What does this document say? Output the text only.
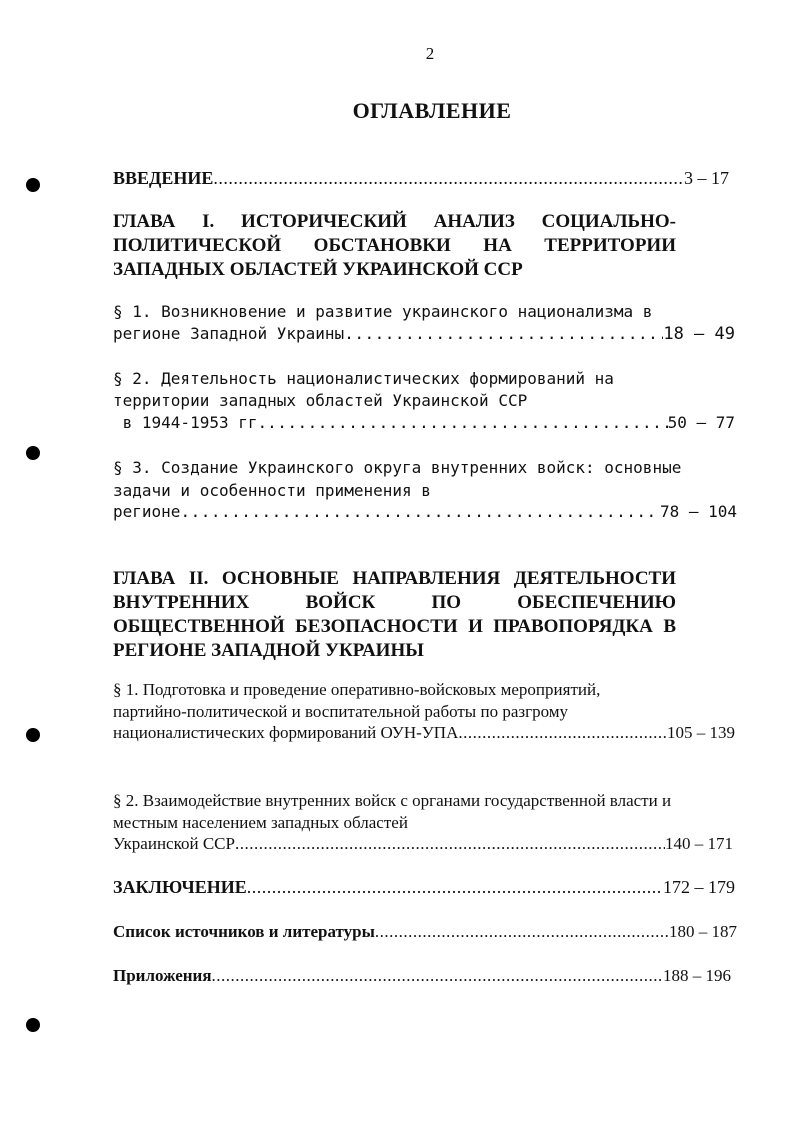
2
ОГЛАВЛЕНИЕ
ВВЕДЕНИЕ .....	3 – 17
ГЛАВА I. ИСТОРИЧЕСКИЙ АНАЛИЗ СОЦИАЛЬНО-
ПОЛИТИЧЕСКОЙ ОБСТАНОВКИ НА ТЕРРИТОРИИ
ЗАПАДНЫХ ОБЛАСТЕЙ УКРАИНСКОЙ ССР
§ 1. Возникновение и развитие украинского национализма в
регионе Западной Украины .....	18 – 49
§ 2. Деятельность националистических формирований на
территории западных областей Украинской ССР
в 1944-1953 гг. .....	50 – 77
§ 3. Создание Украинского округа внутренних войск: основные
задачи и особенности применения в
регионе .....	78 – 104
ГЛАВА II. ОСНОВНЫЕ НАПРАВЛЕНИЯ ДЕЯТЕЛЬНОСТИ
ВНУТРЕННИХ ВОЙСК ПО ОБЕСПЕЧЕНИЮ
ОБЩЕСТВЕННОЙ БЕЗОПАСНОСТИ И ПРАВОПОРЯДКА В
РЕГИОНЕ ЗАПАДНОЙ УКРАИНЫ
§ 1. Подготовка и проведение оперативно-войсковых мероприятий,
партийно-политической и воспитательной работы по разгрому
националистических формирований ОУН-УПА .....	105 – 139
§ 2. Взаимодействие внутренних войск с органами государственной власти и
местным населением западных областей
Украинской ССР .....	140 – 171
ЗАКЛЮЧЕНИЕ .....	172 – 179
Список источников и литературы .....	180 – 187
Приложения .....	188 – 196
